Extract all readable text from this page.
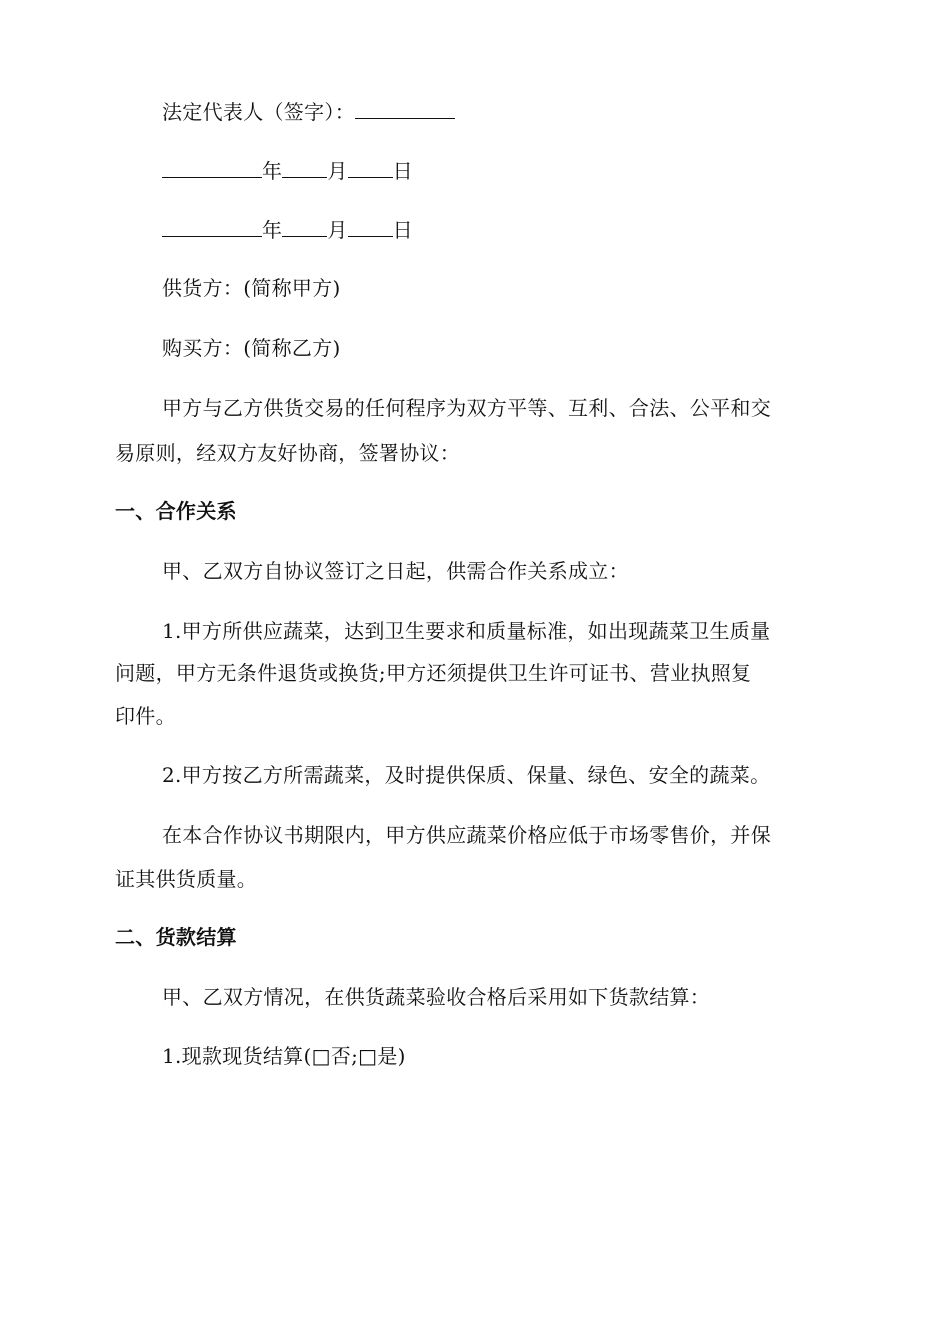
法定代表人（签字）：
年 月 日
年 月 日
供货方：(简称甲方)
购买方：(简称乙方)
甲方与乙方供货交易的任何程序为双方平等、互利、合法、公平和交
易原则，经双方友好协商，签署协议：
一、合作关系
甲、乙双方自协议签订之日起，供需合作关系成立：
1.甲方所供应蔬菜，达到卫生要求和质量标准，如出现蔬菜卫生质量
问题，甲方无条件退货或换货;甲方还须提供卫生许可证书、营业执照复
印件。
2.甲方按乙方所需蔬菜，及时提供保质、保量、绿色、安全的蔬菜。
在本合作协议书期限内，甲方供应蔬菜价格应低于市场零售价，并保
证其供货质量。
二、货款结算
甲、乙双方情况，在供货蔬菜验收合格后采用如下货款结算：
1.现款现货结算(□否;□是)
